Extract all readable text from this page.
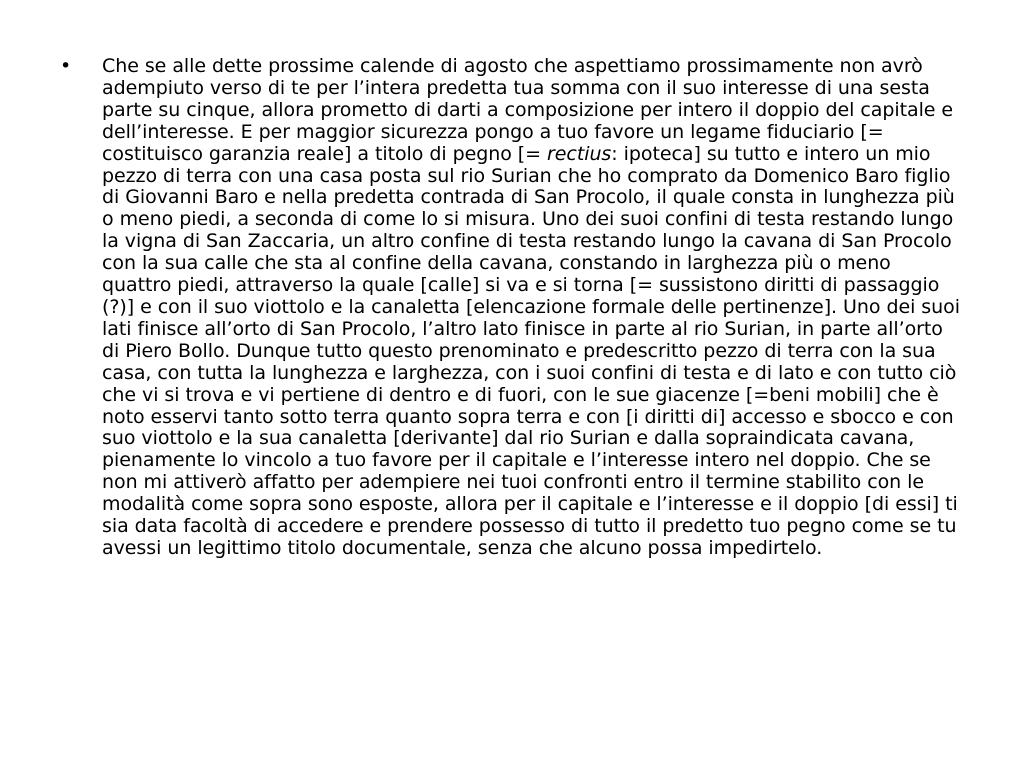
•	Che se alle dette prossime calende di agosto che aspettiamo prossimamente non avrò adempiuto verso di te per l’intera predetta tua somma con il suo interesse di una sesta parte su cinque, allora prometto di darti a composizione per intero il doppio del capitale e dell’interesse. E per maggior sicurezza pongo a tuo favore un legame fiduciario [= costituisco garanzia reale] a titolo di pegno [= rectius: ipoteca] su tutto e intero un mio pezzo di terra con una casa posta sul rio Surian che ho comprato da Domenico Baro figlio di Giovanni Baro e nella predetta contrada di San Procolo, il quale consta in lunghezza più o meno piedi, a seconda di come lo si misura. Uno dei suoi confini di testa restando lungo la vigna di San Zaccaria, un altro confine di testa restando lungo la cavana di San Procolo con la sua calle che sta al confine della cavana, constando in larghezza più o meno quattro piedi, attraverso la quale [calle] si va e si torna [= sussistono diritti di passaggio (?)] e con il suo viottolo e la canaletta [elencazione formale delle pertinenze]. Uno dei suoi lati finisce all’orto di San Procolo, l’altro lato finisce in parte al rio Surian, in parte all’orto di Piero Bollo. Dunque tutto questo prenominato e predescritto pezzo di terra con la sua casa, con tutta la lunghezza e larghezza, con i suoi confini di testa e di lato e con tutto ciò che vi si trova e vi pertiene di dentro e di fuori, con le sue giacenze [=beni mobili] che è noto esservi tanto sotto terra quanto sopra terra e con [i diritti di] accesso e sbocco e con suo viottolo e la sua canaletta [derivante] dal rio Surian e dalla sopraindicata cavana, pienamente lo vincolo a tuo favore per il capitale e l’interesse intero nel doppio. Che se non mi attiverò affatto per adempiere nei tuoi confronti entro il termine stabilito con le modalità come sopra sono esposte, allora per il capitale e l’interesse e il doppio [di essi] ti sia data facoltà di accedere e prendere possesso di tutto il predetto tuo pegno come se tu avessi un legittimo titolo documentale, senza che alcuno possa impedirtelo.
